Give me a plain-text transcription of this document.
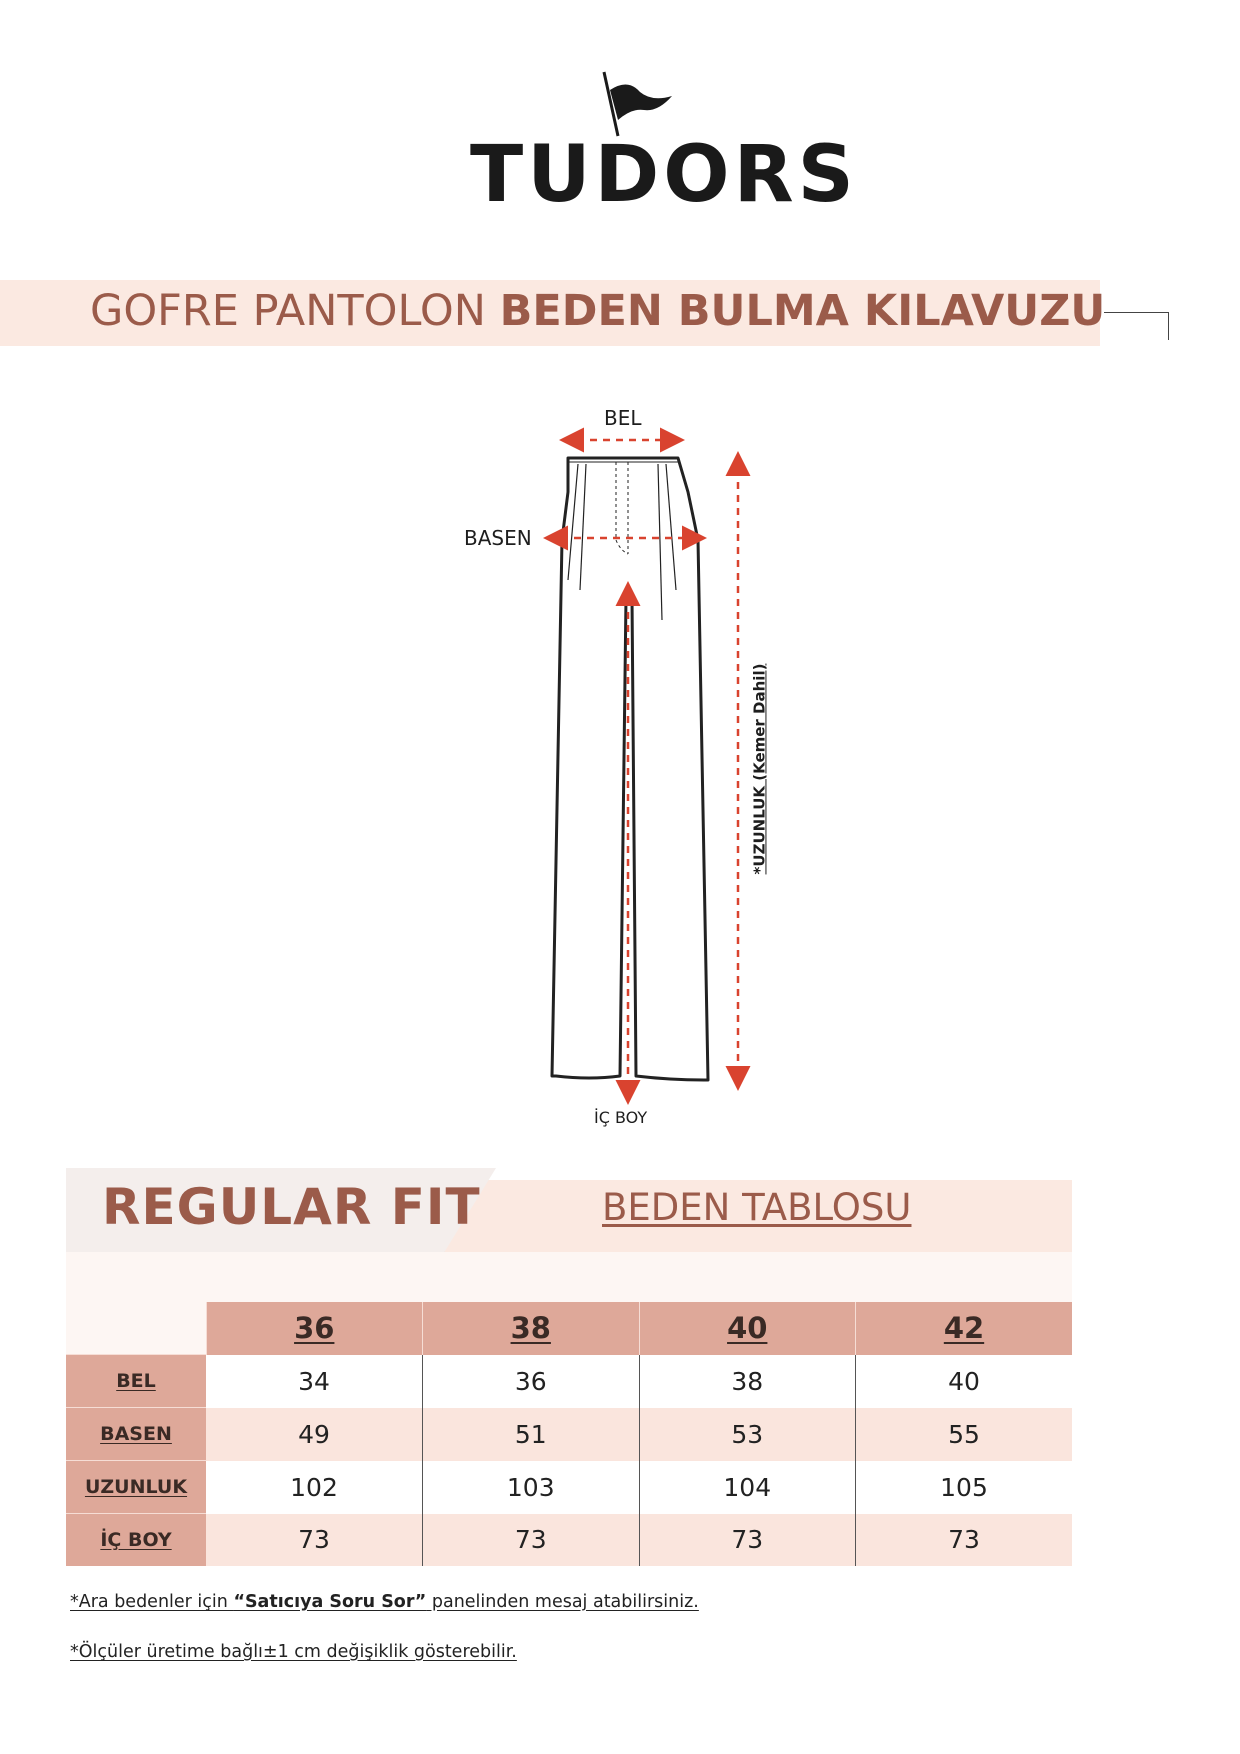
TUDORS
GOFRE PANTOLON BEDEN BULMA KILAVUZU
BEL
BASEN
İÇ BOY
*UZUNLUK (Kemer Dahil)
REGULAR FIT	BEDEN TABLOSU
	36	38	40	42
BEL	34	36	38	40
BASEN	49	51	53	55
UZUNLUK	102	103	104	105
İÇ BOY	73	73	73	73
*Ara bedenler için “Satıcıya Soru Sor” panelinden mesaj atabilirsiniz.
*Ölçüler üretime bağlı±1 cm değişiklik gösterebilir.
